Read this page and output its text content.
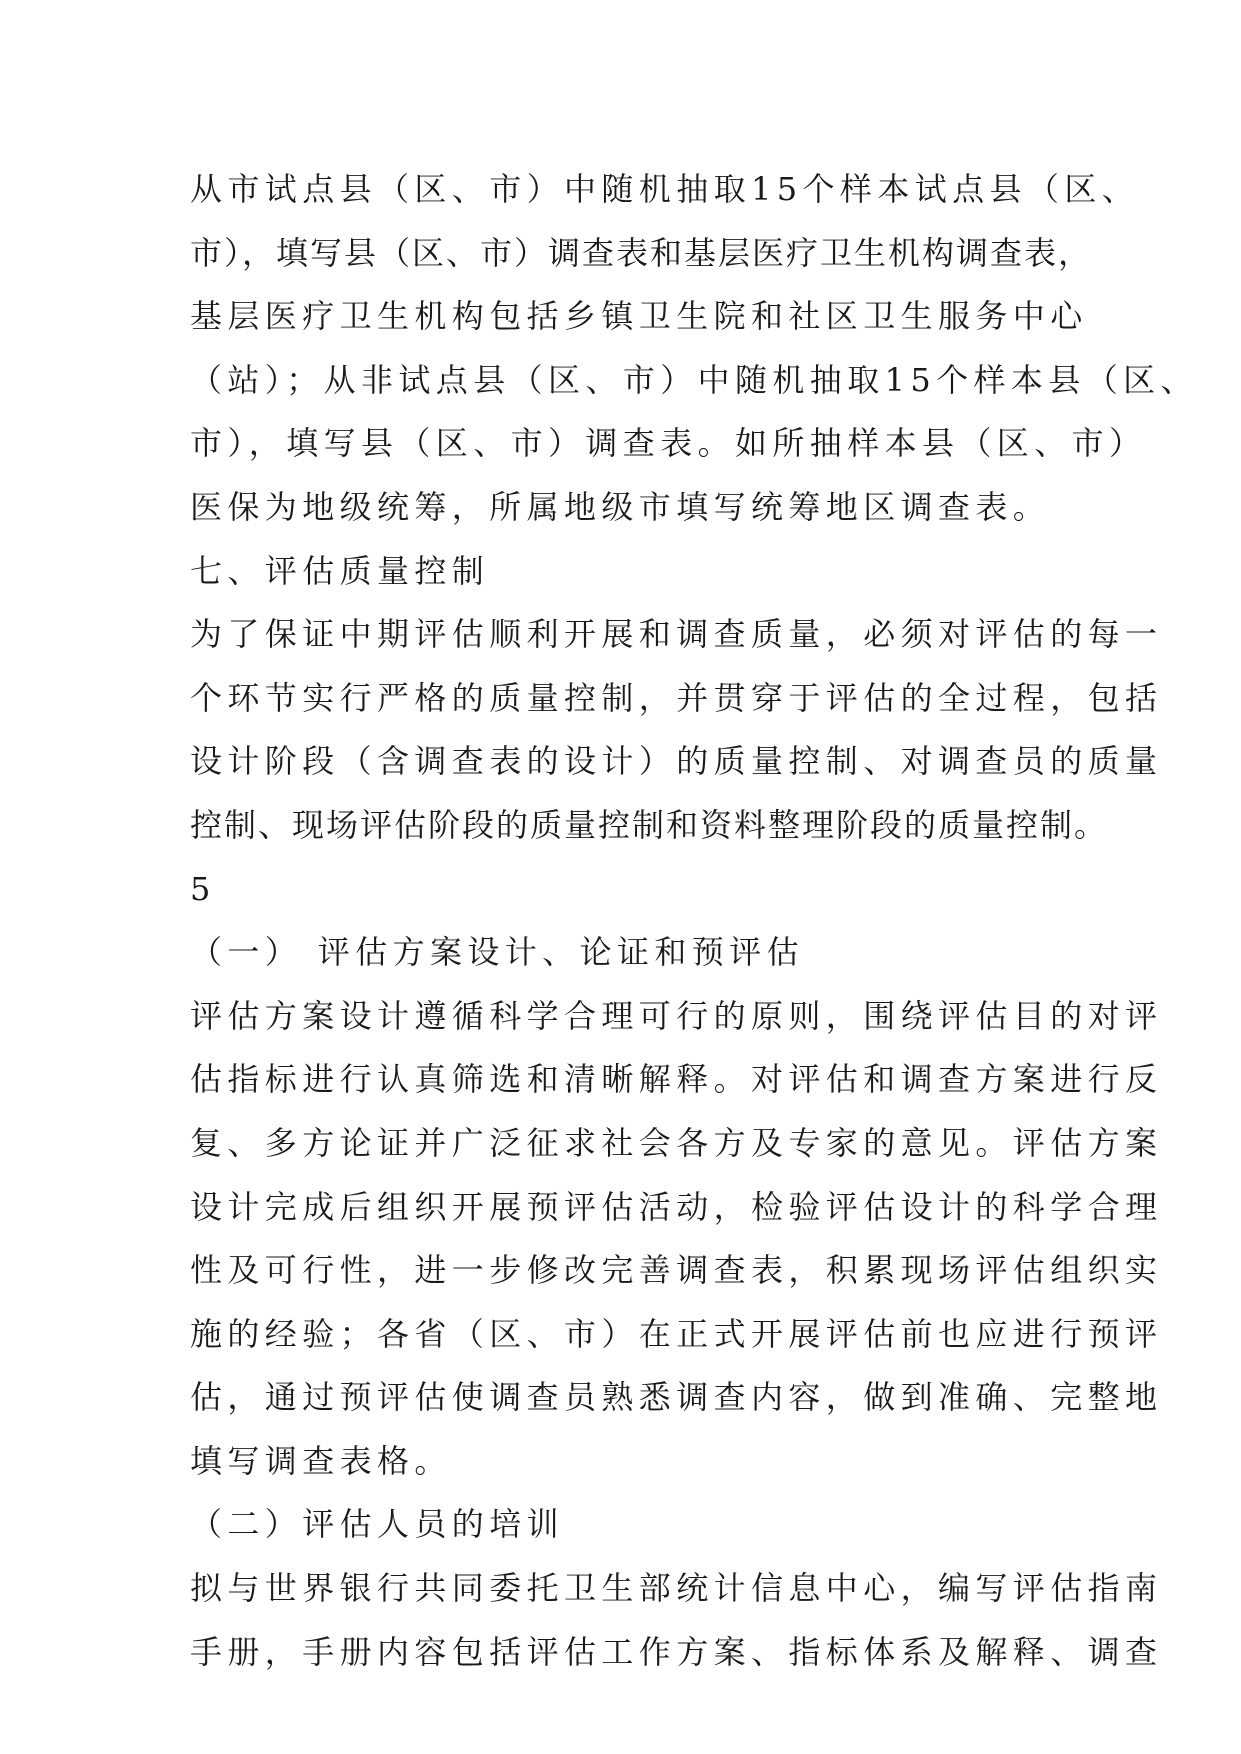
从市试点县（区、市）中随机抽取15个样本试点县（区、

市），填写县（区、市）调查表和基层医疗卫生机构调查表，

基层医疗卫生机构包括乡镇卫生院和社区卫生服务中心

（站）；从非试点县（区、市）中随机抽取15个样本县（区、

市），填写县（区、市）调查表。如所抽样本县（区、市）

医保为地级统筹，所属地级市填写统筹地区调查表。

七、评估质量控制

为了保证中期评估顺利开展和调查质量，必须对评估的每一

个环节实行严格的质量控制，并贯穿于评估的全过程，包括

设计阶段（含调查表的设计）的质量控制、对调查员的质量

控制、现场评估阶段的质量控制和资料整理阶段的质量控制。

5

（一） 评估方案设计、论证和预评估

评估方案设计遵循科学合理可行的原则，围绕评估目的对评

估指标进行认真筛选和清晰解释。对评估和调查方案进行反

复、多方论证并广泛征求社会各方及专家的意见。评估方案

设计完成后组织开展预评估活动，检验评估设计的科学合理

性及可行性，进一步修改完善调查表，积累现场评估组织实

施的经验；各省（区、市）在正式开展评估前也应进行预评

估，通过预评估使调查员熟悉调查内容，做到准确、完整地

填写调查表格。

（二）评估人员的培训

拟与世界银行共同委托卫生部统计信息中心，编写评估指南

手册，手册内容包括评估工作方案、指标体系及解释、调查
